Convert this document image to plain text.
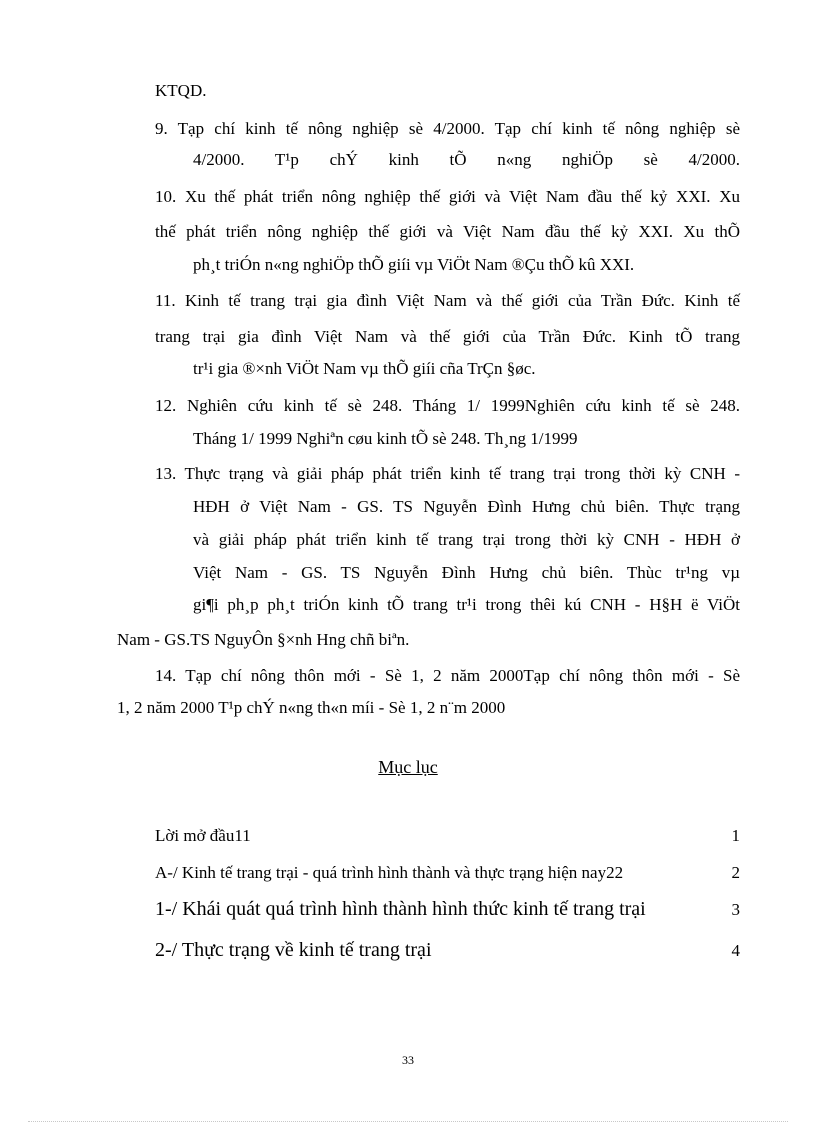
KTQD.
9. Tạp chí kinh tế nông nghiệp sè 4/2000. Tạp chí kinh tế nông nghiệp sè
4/2000. T¹p chÝ kinh tÕ n«ng nghiÖp sè 4/2000.
10. Xu thế phát triển nông nghiệp thế giới và Việt Nam đầu thế kỷ XXI. Xu
thế phát triển nông nghiệp thế giới và Việt Nam đầu thế kỷ XXI. Xu thÕ
ph¸t triÓn n«ng nghiÖp thÕ giíi vµ ViÖt Nam ®Çu thÕ kû XXI.
11. Kinh tế trang trại gia đình Việt Nam và thế giới của Trần Đức. Kinh tế
trang trại gia đình Việt Nam và thế giới của Trần Đức. Kinh tÕ trang
tr¹i gia ®×nh ViÖt Nam vµ thÕ giíi cña TrÇn §øc.
12. Nghiên cứu kinh tế sè 248. Tháng 1/ 1999Nghiên cứu kinh tế sè 248.
Tháng 1/ 1999 Nghiªn cøu kinh tÕ sè 248. Th¸ng 1/1999
13. Thực trạng và giải pháp phát triển kinh tế trang trại trong thời kỳ CNH -
HĐH ở Việt Nam - GS. TS Nguyễn Đình Hưng chủ biên. Thực trạng
và giải pháp phát triển kinh tế trang trại trong thời kỳ CNH - HĐH ở
Việt Nam - GS. TS Nguyễn Đình Hưng chủ biên. Thùc tr¹ng vµ
gi¶i ph¸p ph¸t triÓn kinh tÕ trang tr¹i trong thêi kú CNH - H§H ë ViÖt
Nam - GS.TS NguyÔn §×nh Hng chñ biªn.
14. Tạp chí nông thôn mới - Sè 1, 2 năm 2000Tạp chí nông thôn mới - Sè
1, 2 năm 2000 T¹p chÝ n«ng th«n míi - Sè 1, 2 n¨m 2000
Mục lục
Lời mở đầu11	1
A-/ Kinh tế trang trại - quá trình hình thành và thực trạng hiện nay22	2
1-/ Khái quát quá trình hình thành hình thức kinh tế trang trại	3
2-/ Thực trạng về kinh tế trang trại	4
33
